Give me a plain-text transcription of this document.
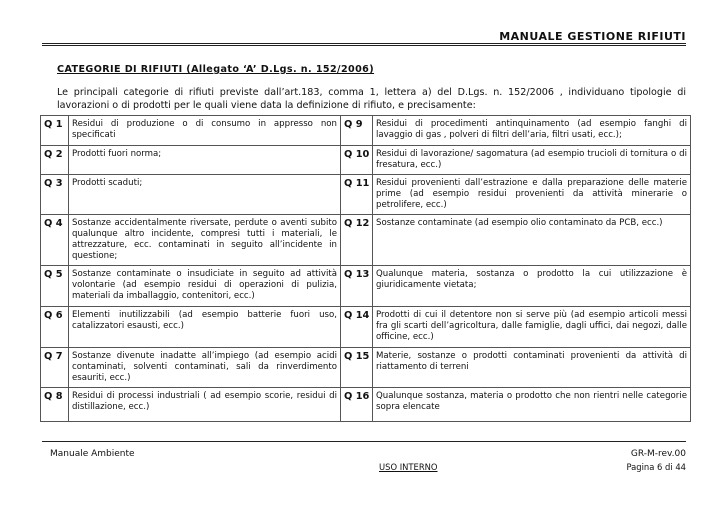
MANUALE GESTIONE RIFIUTI
CATEGORIE DI RIFIUTI (Allegato ‘A’ D.Lgs. n. 152/2006)
Le principali categorie di rifiuti previste dall’art.183, comma 1, lettera a) del D.Lgs. n. 152/2006 , individuano tipologie di lavorazioni o di prodotti per le quali viene data la definizione di rifiuto, e precisamente:
Q 1	Residui di produzione o di consumo in appresso non specificati	Q 9	Residui di procedimenti antinquinamento (ad esempio fanghi di lavaggio di gas , polveri di filtri dell’aria, filtri usati, ecc.);
Q 2	Prodotti fuori norma;	Q 10	Residui di lavorazione/ sagomatura (ad esempio trucioli di tornitura o di fresatura, ecc.)
Q 3	Prodotti scaduti;	Q 11	Residui provenienti dall’estrazione e dalla preparazione delle materie prime (ad esempio residui provenienti da attività minerarie o petrolifere, ecc.)
Q 4	Sostanze accidentalmente riversate, perdute o aventi subito qualunque altro incidente, compresi tutti i materiali, le attrezzature, ecc. contaminati in seguito all’incidente in questione;	Q 12	Sostanze contaminate (ad esempio olio contaminato da PCB, ecc.)
Q 5	Sostanze contaminate o insudiciate in seguito ad attività volontarie (ad esempio residui di operazioni di pulizia, materiali da imballaggio, contenitori, ecc.)	Q 13	Qualunque materia, sostanza o prodotto la cui utilizzazione è giuridicamente vietata;
Q 6	Elementi inutilizzabili (ad esempio batterie fuori uso, catalizzatori esausti, ecc.)	Q 14	Prodotti di cui il detentore non si serve più (ad esempio articoli messi fra gli scarti dell’agricoltura, dalle famiglie, dagli uffici, dai negozi, dalle officine, ecc.)
Q 7	Sostanze divenute inadatte all’impiego (ad esempio acidi contaminati, solventi contaminati, sali da rinverdimento esauriti, ecc.)	Q 15	Materie, sostanze o prodotti contaminati provenienti da attività di riattamento di terreni
Q 8	Residui di processi industriali ( ad esempio scorie, residui di distillazione, ecc.)	Q 16	Qualunque sostanza, materia o prodotto che non rientri nelle categorie sopra elencate
Manuale Ambiente	GR-M-rev.00
USO INTERNO	Pagina 6 di 44
